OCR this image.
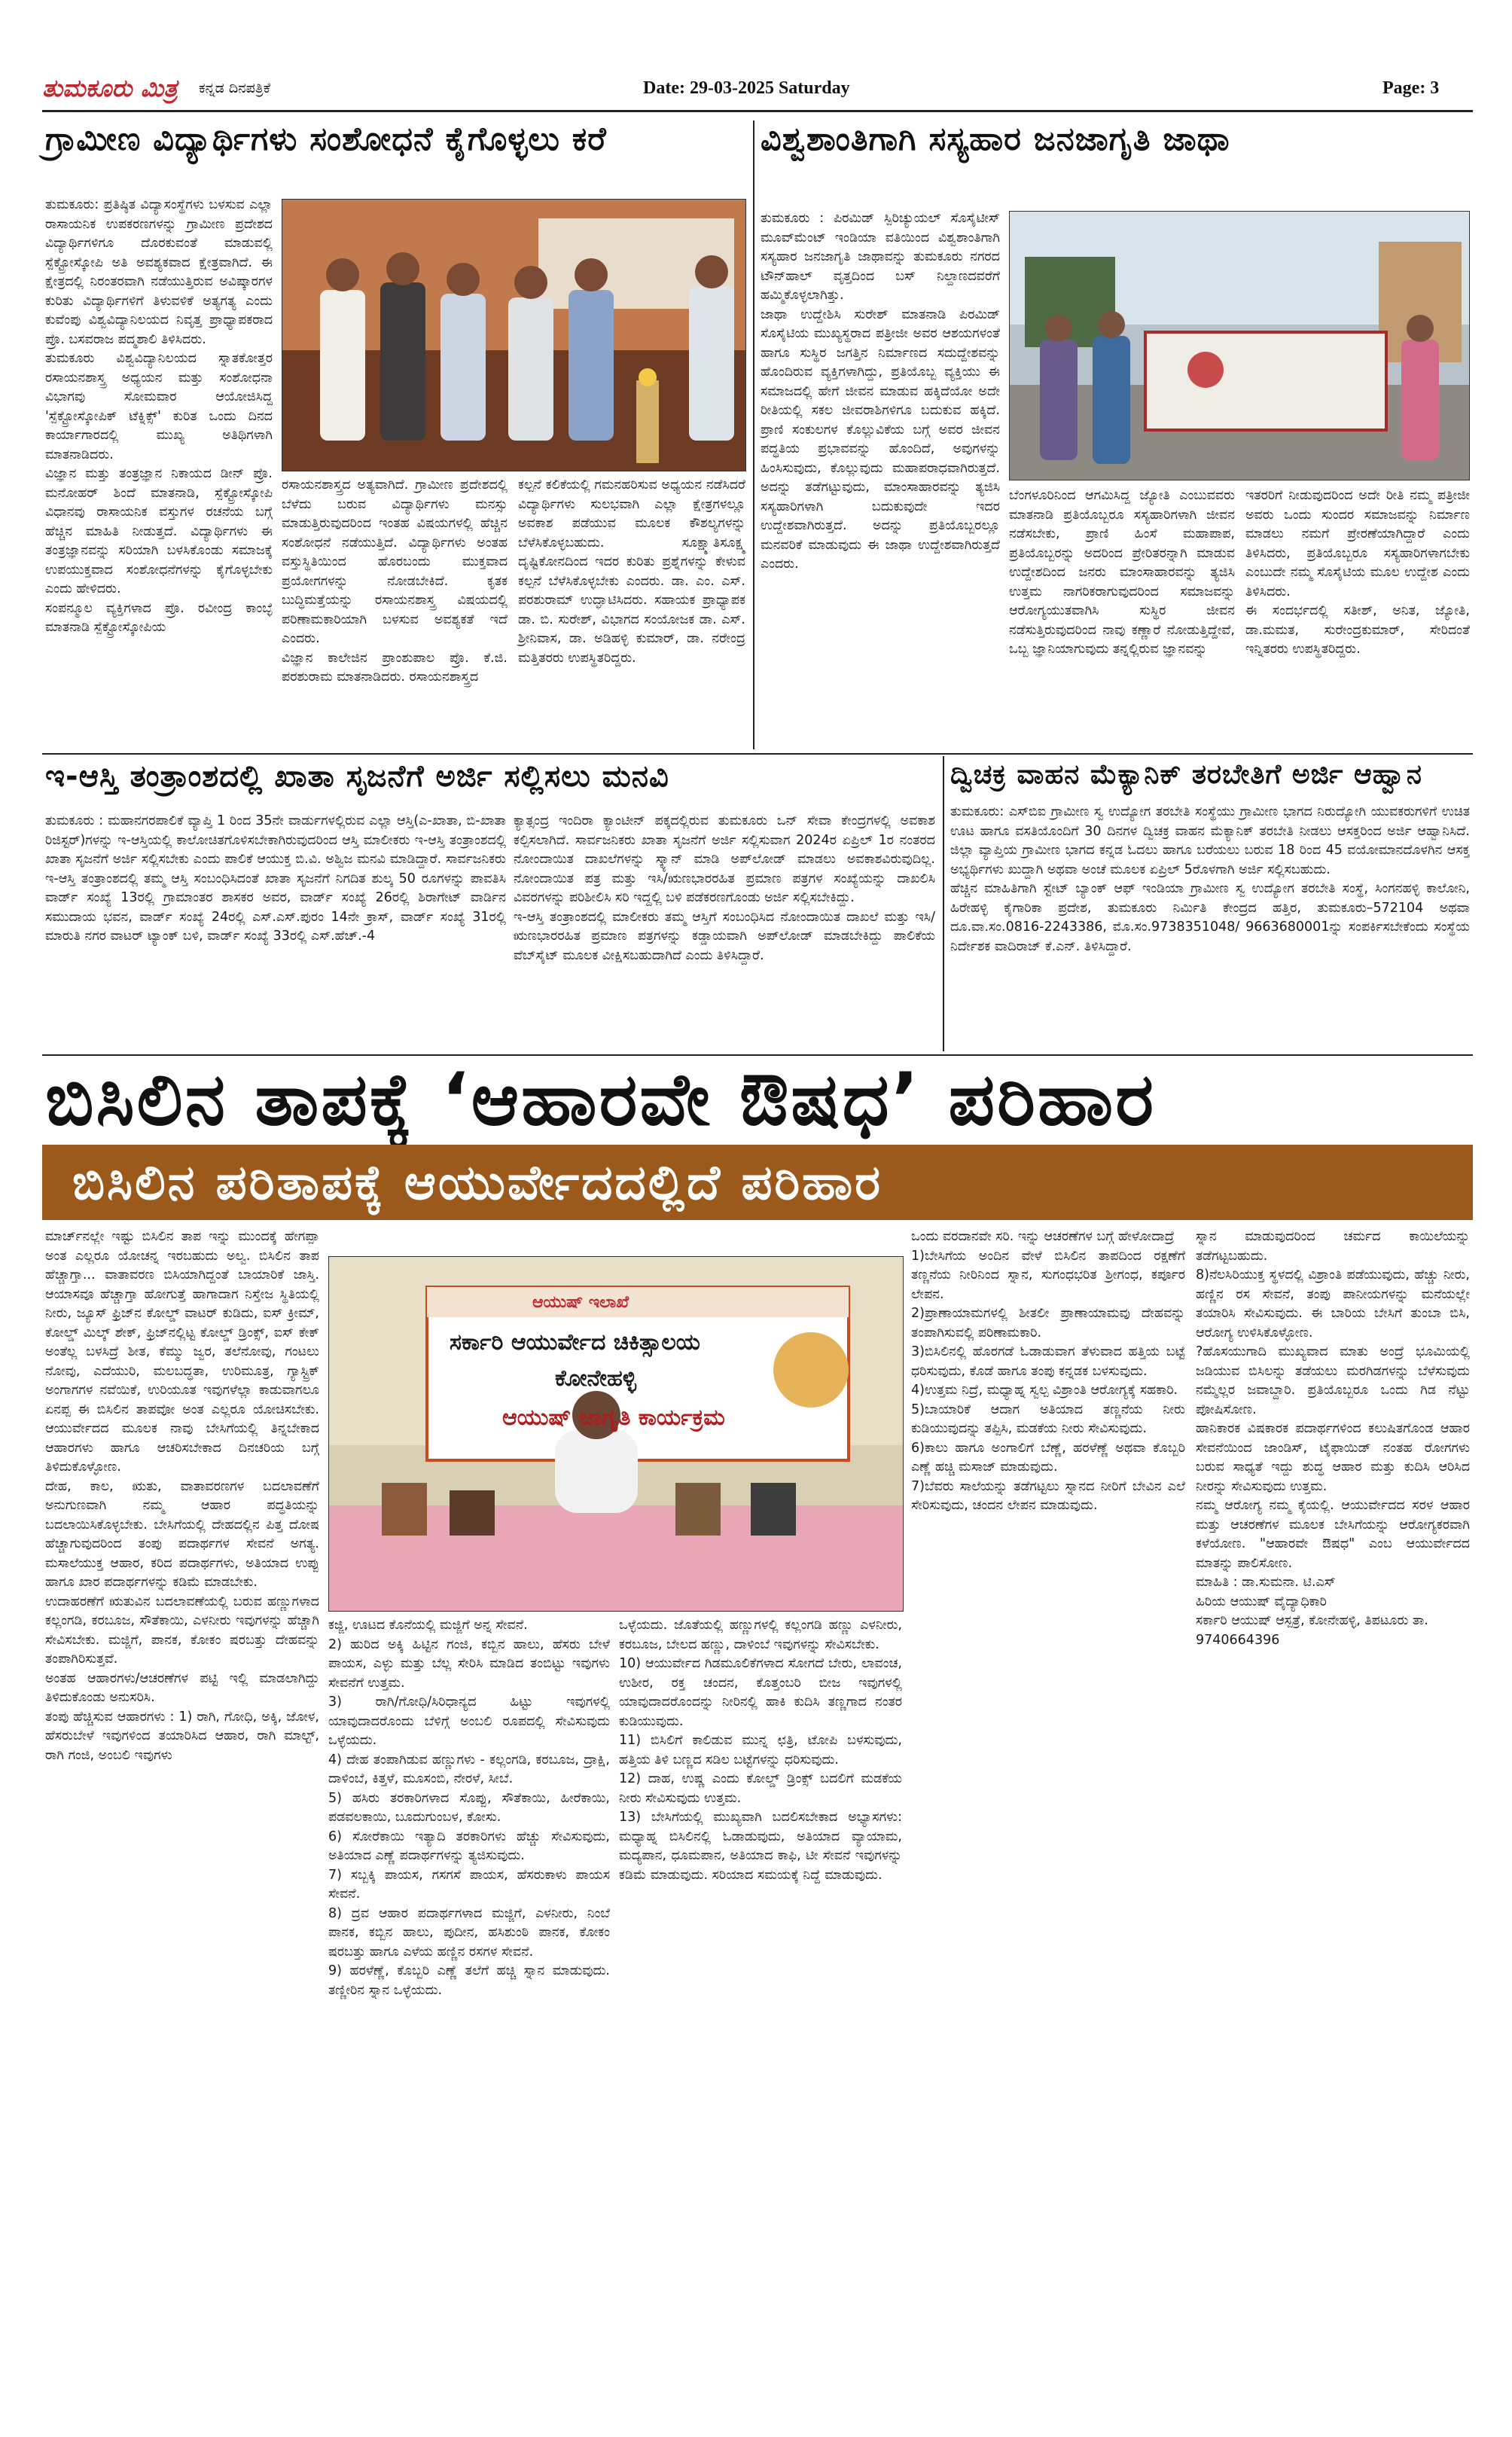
ತುಮಕೂರು ಮಿತ್ರ ಕನ್ನಡ ದಿನಪತ್ರಿಕೆ	Date: 29-03-2025 Saturday	Page: 3
ಗ್ರಾಮೀಣ ವಿದ್ಯಾರ್ಥಿಗಳು ಸಂಶೋಧನೆ ಕೈಗೊಳ್ಳಲು ಕರೆ
ತುಮಕೂರು: ಪ್ರತಿಷ್ಠಿತ ವಿದ್ಯಾಸಂಸ್ಥೆಗಳು ಬಳಸುವ ಎಲ್ಲಾ ರಾಸಾಯನಿಕ ಉಪಕರಣಗಳನ್ನು ಗ್ರಾಮೀಣ ಪ್ರದೇಶದ ವಿದ್ಯಾರ್ಥಿಗಳಿಗೂ ದೊರಕುವಂತೆ ಮಾಡುವಲ್ಲಿ ಸ್ಪೆಕ್ಟ್ರೋಸ್ಕೋಪಿ ಅತಿ ಅವಶ್ಯಕವಾದ ಕ್ಷೇತ್ರವಾಗಿದೆ. ಈ ಕ್ಷೇತ್ರದಲ್ಲಿ ನಿರಂತರವಾಗಿ ನಡೆಯುತ್ತಿರುವ ಅವಿಷ್ಕಾರಗಳ ಕುರಿತು ವಿದ್ಯಾರ್ಥಿಗಳಿಗೆ ತಿಳುವಳಿಕೆ ಅತ್ಯಗತ್ಯ ಎಂದು ಕುವೆಂಪು ವಿಶ್ವವಿದ್ಯಾನಿಲಯದ ನಿವೃತ್ತ ಪ್ರಾಧ್ಯಾಪಕರಾದ ಪ್ರೊ. ಬಸವರಾಜ ಪದ್ಮಶಾಲಿ ತಿಳಿಸಿದರು.
ತುಮಕೂರು ವಿಶ್ವವಿದ್ಯಾನಿಲಯದ ಸ್ನಾತಕೋತ್ತರ ರಸಾಯನಶಾಸ್ತ್ರ ಅಧ್ಯಯನ ಮತ್ತು ಸಂಶೋಧನಾ ವಿಭಾಗವು ಸೋಮವಾರ ಆಯೋಜಿಸಿದ್ದ 'ಸ್ಪೆಕ್ಟ್ರೋಸ್ಕೋಪಿಕ್ ಟೆಕ್ನಿಕ್ಸ್' ಕುರಿತ ಒಂದು ದಿನದ ಕಾರ್ಯಾಗಾರದಲ್ಲಿ ಮುಖ್ಯ ಅತಿಥಿಗಳಾಗಿ ಮಾತನಾಡಿದರು.
ವಿಜ್ಞಾನ ಮತ್ತು ತಂತ್ರಜ್ಞಾನ ನಿಕಾಯದ ಡೀನ್ ಪ್ರೊ. ಮನೋಹರ್ ಶಿಂದೆ ಮಾತನಾಡಿ, ಸ್ಪೆಕ್ಟ್ರೋಸ್ಕೋಪಿ ವಿಧಾನವು ರಾಸಾಯನಿಕ ವಸ್ತುಗಳ ರಚನೆಯ ಬಗ್ಗೆ ಹೆಚ್ಚಿನ ಮಾಹಿತಿ ನೀಡುತ್ತದೆ. ವಿದ್ಯಾರ್ಥಿಗಳು ಈ ತಂತ್ರಜ್ಞಾನವನ್ನು ಸರಿಯಾಗಿ ಬಳಸಿಕೊಂಡು ಸಮಾಜಕ್ಕೆ ಉಪಯುಕ್ತವಾದ ಸಂಶೋಧನೆಗಳನ್ನು ಕೈಗೊಳ್ಳಬೇಕು ಎಂದು ಹೇಳಿದರು.
ಸಂಪನ್ಮೂಲ ವ್ಯಕ್ತಿಗಳಾದ ಪ್ರೊ. ರವೀಂದ್ರ ಕಾಂಬ್ಳೆ ಮಾತನಾಡಿ ಸ್ಪೆಕ್ಟ್ರೋಸ್ಕೋಪಿಯ
ರಸಾಯನಶಾಸ್ತ್ರದ ಅತ್ಯವಾಗಿದೆ. ಗ್ರಾಮೀಣ ಪ್ರದೇಶದಲ್ಲಿ ಬೆಳೆದು ಬರುವ ವಿದ್ಯಾರ್ಥಿಗಳು ಮನಸ್ಸು ಮಾಡುತ್ತಿರುವುದರಿಂದ ಇಂತಹ ವಿಷಯಗಳಲ್ಲಿ ಹೆಚ್ಚಿನ ಸಂಶೋಧನೆ ನಡೆಯುತ್ತಿದೆ. ವಿದ್ಯಾರ್ಥಿಗಳು ಅಂತಹ ವಸ್ತುಸ್ಥಿತಿಯಿಂದ ಹೊರಬಂದು ಮುಕ್ತವಾದ ಪ್ರಯೋಗಗಳನ್ನು ನೋಡಬೇಕಿದೆ. ಕೃತಕ ಬುದ್ಧಿಮತ್ತೆಯನ್ನು ರಸಾಯನಶಾಸ್ತ್ರ ವಿಷಯದಲ್ಲಿ ಪರಿಣಾಮಕಾರಿಯಾಗಿ ಬಳಸುವ ಅವಶ್ಯಕತೆ ಇದೆ ಎಂದರು.
ವಿಜ್ಞಾನ ಕಾಲೇಜಿನ ಪ್ರಾಂಶುಪಾಲ ಪ್ರೊ. ಕೆ.ಜಿ. ಪರಶುರಾಮ ಮಾತನಾಡಿದರು. ರಸಾಯನಶಾಸ್ತ್ರದ
ಕಲ್ಪನೆ ಕಲಿಕೆಯಲ್ಲಿ ಗಮನಹರಿಸುವ ಅಧ್ಯಯನ ನಡೆಸಿದರೆ ವಿದ್ಯಾರ್ಥಿಗಳು ಸುಲಭವಾಗಿ ಎಲ್ಲಾ ಕ್ಷೇತ್ರಗಳಲ್ಲೂ ಅವಕಾಶ ಪಡೆಯುವ ಮೂಲಕ ಕೌಶಲ್ಯಗಳನ್ನು ಬೆಳೆಸಿಕೊಳ್ಳಬಹುದು. ಸೂಕ್ಷ್ಮಾತಿಸೂಕ್ಷ್ಮ ದೃಷ್ಟಿಕೋನದಿಂದ ಇದರ ಕುರಿತು ಪ್ರಶ್ನೆಗಳನ್ನು ಕೇಳುವ ಕಲ್ಪನೆ ಬೆಳೆಸಿಕೊಳ್ಳಬೇಕು ಎಂದರು. ಡಾ. ಎಂ. ಎಸ್. ಪರಶುರಾಮ್ ಉದ್ಘಾಟಿಸಿದರು. ಸಹಾಯಕ ಪ್ರಾಧ್ಯಾಪಕ ಡಾ. ಬಿ. ಸುರೇಶ್, ವಿಭಾಗದ ಸಂಯೋಜಕ ಡಾ. ಎಸ್. ಶ್ರೀನಿವಾಸ, ಡಾ. ಅಡಿಹಳ್ಳಿ ಕುಮಾರ್, ಡಾ. ನರೇಂದ್ರ ಮತ್ತಿತರರು ಉಪಸ್ಥಿತರಿದ್ದರು.
ವಿಶ್ವಶಾಂತಿಗಾಗಿ ಸಸ್ಯಹಾರ ಜನಜಾಗೃತಿ ಜಾಥಾ
ತುಮಕೂರು : ಪಿರಮಿಡ್ ಸ್ಪಿರಿಚ್ಯುಯಲ್ ಸೊಸೈಟೀಸ್ ಮೂವ್‌ಮೆಂಟ್ ಇಂಡಿಯಾ ವತಿಯಿಂದ ವಿಶ್ವಶಾಂತಿಗಾಗಿ ಸಸ್ಯಹಾರ ಜನಜಾಗೃತಿ ಜಾಥಾವನ್ನು ತುಮಕೂರು ನಗರದ ಟೌನ್‌ಹಾಲ್ ವೃತ್ತದಿಂದ ಬಸ್ ನಿಲ್ದಾಣದವರೆಗೆ ಹಮ್ಮಿಕೊಳ್ಳಲಾಗಿತ್ತು.
ಜಾಥಾ ಉದ್ದೇಶಿಸಿ ಸುರೇಶ್ ಮಾತನಾಡಿ ಪಿರಮಿಡ್ ಸೊಸೈಟಿಯ ಮುಖ್ಯಸ್ಥರಾದ ಪತ್ರೀಜೀ ಅವರ ಆಶಯಗಳಂತೆ ಹಾಗೂ ಸುಸ್ಥಿರ ಜಗತ್ತಿನ ನಿರ್ಮಾಣದ ಸದುದ್ದೇಶವನ್ನು ಹೊಂದಿರುವ ವ್ಯಕ್ತಿಗಳಾಗಿದ್ದು, ಪ್ರತಿಯೊಬ್ಬ ವ್ಯಕ್ತಿಯು ಈ ಸಮಾಜದಲ್ಲಿ ಹೇಗೆ ಜೀವನ ಮಾಡುವ ಹಕ್ಕಿದೆಯೋ ಅದೇ ರೀತಿಯಲ್ಲಿ ಸಕಲ ಜೀವರಾಶಿಗಳಿಗೂ ಬದುಕುವ ಹಕ್ಕಿದೆ. ಪ್ರಾಣಿ ಸಂಕುಲಗಳ ಕೊಲ್ಲುವಿಕೆಯ ಬಗ್ಗೆ ಅವರ ಜೀವನ ಪದ್ಧತಿಯ ಪ್ರಭಾವವನ್ನು ಹೊಂದಿದೆ, ಅವುಗಳನ್ನು ಹಿಂಸಿಸುವುದು, ಕೊಲ್ಲುವುದು ಮಹಾಪರಾಧವಾಗಿರುತ್ತದೆ. ಅದನ್ನು ತಡೆಗಟ್ಟುವುದು, ಮಾಂಸಾಹಾರವನ್ನು ತ್ಯಜಿಸಿ ಸಸ್ಯಹಾರಿಗಳಾಗಿ ಬದುಕುವುದೇ ಇದರ ಉದ್ದೇಶವಾಗಿರುತ್ತದೆ. ಅದನ್ನು ಪ್ರತಿಯೊಬ್ಬರಲ್ಲೂ ಮನವರಿಕೆ ಮಾಡುವುದು ಈ ಜಾಥಾ ಉದ್ದೇಶವಾಗಿರುತ್ತದೆ ಎಂದರು.
ಬೆಂಗಳೂರಿನಿಂದ ಆಗಮಿಸಿದ್ದ ಜ್ಯೋತಿ ಎಂಬುವವರು ಮಾತನಾಡಿ ಪ್ರತಿಯೊಬ್ಬರೂ ಸಸ್ಯಹಾರಿಗಳಾಗಿ ಜೀವನ ನಡೆಸಬೇಕು, ಪ್ರಾಣಿ ಹಿಂಸೆ ಮಹಾಪಾಪ, ಪ್ರತಿಯೊಬ್ಬರನ್ನು ಅದರಿಂದ ಪ್ರೇರಿತರನ್ನಾಗಿ ಮಾಡುವ ಉದ್ದೇಶದಿಂದ ಜನರು ಮಾಂಸಾಹಾರವನ್ನು ತ್ಯಜಿಸಿ ಉತ್ತಮ ನಾಗರಿಕರಾಗುವುದರಿಂದ ಸಮಾಜವನ್ನು ಆರೋಗ್ಯಯುತವಾಗಿಸಿ ಸುಸ್ಥಿರ ಜೀವನ ನಡೆಸುತ್ತಿರುವುದರಿಂದ ನಾವು ಕಣ್ಣಾರೆ ನೋಡುತ್ತಿದ್ದೇವೆ, ಒಬ್ಬ ಜ್ಞಾನಿಯಾಗುವುದು ತನ್ನಲ್ಲಿರುವ ಜ್ಞಾನವನ್ನು
ಇತರರಿಗೆ ನೀಡುವುದರಿಂದ ಅದೇ ರೀತಿ ನಮ್ಮ ಪತ್ರೀಜೀ ಅವರು ಒಂದು ಸುಂದರ ಸಮಾಜವನ್ನು ನಿರ್ಮಾಣ ಮಾಡಲು ನಮಗೆ ಪ್ರೇರಣೆಯಾಗಿದ್ದಾರೆ ಎಂದು ತಿಳಿಸಿದರು, ಪ್ರತಿಯೊಬ್ಬರೂ ಸಸ್ಯಹಾರಿಗಳಾಗಬೇಕು ಎಂಬುದೇ ನಮ್ಮ ಸೊಸೈಟಿಯ ಮೂಲ ಉದ್ದೇಶ ಎಂದು ತಿಳಿಸಿದರು.
ಈ ಸಂದರ್ಭದಲ್ಲಿ ಸತೀಶ್, ಅನಿತ, ಜ್ಯೋತಿ, ಡಾ.ಮಮತ, ಸುರೇಂದ್ರಕುಮಾರ್, ಸೇರಿದಂತೆ ಇನ್ನಿತರರು ಉಪಸ್ಥಿತರಿದ್ದರು.
ಇ-ಆಸ್ತಿ ತಂತ್ರಾಂಶದಲ್ಲಿ ಖಾತಾ ಸೃಜನೆಗೆ ಅರ್ಜಿ ಸಲ್ಲಿಸಲು ಮನವಿ
ತುಮಕೂರು : ಮಹಾನಗರಪಾಲಿಕೆ ವ್ಯಾಪ್ತಿ 1 ರಿಂದ 35ನೇ ವಾರ್ಡುಗಳಲ್ಲಿರುವ ಎಲ್ಲಾ ಆಸ್ತಿ(ಎ-ಖಾತಾ, ಬಿ-ಖಾತಾ ರಿಜಿಸ್ಟರ್)ಗಳನ್ನು ಇ-ಆಸ್ತಿಯಲ್ಲಿ ಕಾಲೋಚಿತಗೊಳಿಸಬೇಕಾಗಿರುವುದರಿಂದ ಆಸ್ತಿ ಮಾಲೀಕರು ಇ-ಆಸ್ತಿ ತಂತ್ರಾಂಶದಲ್ಲಿ ಖಾತಾ ಸೃಜನೆಗೆ ಅರ್ಜಿ ಸಲ್ಲಿಸಬೇಕು ಎಂದು ಪಾಲಿಕೆ ಆಯುಕ್ತ ಬಿ.ವಿ. ಅಶ್ವಿಜ ಮನವಿ ಮಾಡಿದ್ದಾರೆ. ಸಾರ್ವಜನಿಕರು ಇ-ಆಸ್ತಿ ತಂತ್ರಾಂಶದಲ್ಲಿ ತಮ್ಮ ಆಸ್ತಿ ಸಂಬಂಧಿಸಿದಂತೆ ಖಾತಾ ಸೃಜನೆಗೆ ನಿಗದಿತ ಶುಲ್ಕ 50 ರೂಗಳನ್ನು ಪಾವತಿಸಿ ವಾರ್ಡ್ ಸಂಖ್ಯೆ 13ರಲ್ಲಿ ಗ್ರಾಮಾಂತರ ಶಾಸಕರ ಅವರ, ವಾರ್ಡ್ ಸಂಖ್ಯೆ 26ರಲ್ಲಿ ಶಿರಾಗೇಟ್ ವಾರ್ಡಿನ ಸಮುದಾಯ ಭವನ, ವಾರ್ಡ್ ಸಂಖ್ಯೆ 24ರಲ್ಲಿ ಎಸ್.ಎಸ್.ಪುರಂ 14ನೇ ಕ್ರಾಸ್, ವಾರ್ಡ್ ಸಂಖ್ಯೆ 31ರಲ್ಲಿ ಮಾರುತಿ ನಗರ ವಾಟರ್ ಟ್ಯಾಂಕ್ ಬಳಿ, ವಾರ್ಡ್ ಸಂಖ್ಯೆ 33ರಲ್ಲಿ ಎಸ್.ಹೆಚ್.-4
ಕ್ಯಾತ್ಸಂದ್ರ ಇಂದಿರಾ ಕ್ಯಾಂಟೀನ್ ಪಕ್ಕದಲ್ಲಿರುವ ತುಮಕೂರು ಒನ್ ಸೇವಾ ಕೇಂದ್ರಗಳಲ್ಲಿ ಅವಕಾಶ ಕಲ್ಪಿಸಲಾಗಿದೆ. ಸಾರ್ವಜನಿಕರು ಖಾತಾ ಸೃಜನೆಗೆ ಅರ್ಜಿ ಸಲ್ಲಿಸುವಾಗ 2024ರ ಏಪ್ರಿಲ್ 1ರ ನಂತರದ ನೋಂದಾಯಿತ ದಾಖಲೆಗಳನ್ನು ಸ್ಕ್ಯಾನ್ ಮಾಡಿ ಅಪ್‌ಲೋಡ್ ಮಾಡಲು ಅವಕಾಶವಿರುವುದಿಲ್ಲ. ನೋಂದಾಯಿತ ಪತ್ರ ಮತ್ತು ಇಸಿ/ಋಣಭಾರರಹಿತ ಪ್ರಮಾಣ ಪತ್ರಗಳ ಸಂಖ್ಯೆಯನ್ನು ದಾಖಲಿಸಿ ವಿವರಗಳನ್ನು ಪರಿಶೀಲಿಸಿ ಸರಿ ಇದ್ದಲ್ಲಿ ಬಳಿ ಪಡೆಕರಣಗೊಂಡು ಅರ್ಜಿ ಸಲ್ಲಿಸಬೇಕಿದ್ದು.
ಇ-ಆಸ್ತಿ ತಂತ್ರಾಂಶದಲ್ಲಿ ಮಾಲೀಕರು ತಮ್ಮ ಆಸ್ತಿಗೆ ಸಂಬಂಧಿಸಿದ ನೋಂದಾಯಿತ ದಾಖಲೆ ಮತ್ತು ಇಸಿ/ಋಣಭಾರರಹಿತ ಪ್ರಮಾಣ ಪತ್ರಗಳನ್ನು ಕಡ್ಡಾಯವಾಗಿ ಅಪ್‌ಲೋಡ್ ಮಾಡಬೇಕಿದ್ದು ಪಾಲಿಕೆಯ ವೆಬ್‌ಸೈಟ್ ಮೂಲಕ ವೀಕ್ಷಿಸಬಹುದಾಗಿದೆ ಎಂದು ತಿಳಿಸಿದ್ದಾರೆ.
ದ್ವಿಚಕ್ರ ವಾಹನ ಮೆಕ್ಯಾನಿಕ್ ತರಬೇತಿಗೆ ಅರ್ಜಿ ಆಹ್ವಾನ
ತುಮಕೂರು: ಎಸ್‌ಬಿಐ ಗ್ರಾಮೀಣ ಸ್ವ ಉದ್ಯೋಗ ತರಬೇತಿ ಸಂಸ್ಥೆಯು ಗ್ರಾಮೀಣ ಭಾಗದ ನಿರುದ್ಯೋಗಿ ಯುವಕರುಗಳಿಗೆ ಉಚಿತ ಊಟ ಹಾಗೂ ವಸತಿಯೊಂದಿಗೆ 30 ದಿನಗಳ ದ್ವಿಚಕ್ರ ವಾಹನ ಮೆಕ್ಯಾನಿಕ್ ತರಬೇತಿ ನೀಡಲು ಆಸಕ್ತರಿಂದ ಅರ್ಜಿ ಆಹ್ವಾನಿಸಿದೆ. ಜಿಲ್ಲಾ ವ್ಯಾಪ್ತಿಯ ಗ್ರಾಮೀಣ ಭಾಗದ ಕನ್ನಡ ಓದಲು ಹಾಗೂ ಬರೆಯಲು ಬರುವ 18 ರಿಂದ 45 ವಯೋಮಾನದೊಳಗಿನ ಆಸಕ್ತ ಅಭ್ಯರ್ಥಿಗಳು ಖುದ್ದಾಗಿ ಅಥವಾ ಅಂಚೆ ಮೂಲಕ ಏಪ್ರಿಲ್ 5ರೊಳಗಾಗಿ ಅರ್ಜಿ ಸಲ್ಲಿಸಬಹುದು.
ಹೆಚ್ಚಿನ ಮಾಹಿತಿಗಾಗಿ ಸ್ಟೇಟ್ ಬ್ಯಾಂಕ್ ಆಫ್ ಇಂಡಿಯಾ ಗ್ರಾಮೀಣ ಸ್ವ ಉದ್ಯೋಗ ತರಬೇತಿ ಸಂಸ್ಥೆ, ಸಿಂಗನಹಳ್ಳಿ ಕಾಲೋನಿ, ಹಿರೇಹಳ್ಳಿ ಕೈಗಾರಿಕಾ ಪ್ರದೇಶ, ತುಮಕೂರು ನಿರ್ಮಿತಿ ಕೇಂದ್ರದ ಹತ್ತಿರ, ತುಮಕೂರು–572104 ಅಥವಾ ದೂ.ವಾ.ಸಂ.0816-2243386, ಮೊ.ಸಂ.9738351048/ 9663680001ನ್ನು ಸಂಪರ್ಕಿಸಬೇಕೆಂದು ಸಂಸ್ಥೆಯ ನಿರ್ದೇಶಕ ವಾದಿರಾಜ್ ಕೆ.ಎನ್. ತಿಳಿಸಿದ್ದಾರೆ.
ಬಿಸಿಲಿನ ತಾಪಕ್ಕೆ ‘ಆಹಾರವೇ ಔಷಧ’ ಪರಿಹಾರ
ಬಿಸಿಲಿನ ಪರಿತಾಪಕ್ಕೆ ಆಯುರ್ವೇದದಲ್ಲಿದೆ ಪರಿಹಾರ
ಮಾರ್ಚ್‌ನಲ್ಲೇ ಇಷ್ಟು ಬಿಸಿಲಿನ ತಾಪ ಇನ್ನು ಮುಂದಕ್ಕೆ ಹೇಗಪ್ಪಾ ಅಂತ ಎಲ್ಲರೂ ಯೋಚನ್ನ ಇರಬಹುದು ಅಲ್ವ. ಬಿಸಿಲಿನ ತಾಪ ಹೆಚ್ಚಾಗ್ತಾ... ವಾತಾವರಣ ಬಿಸಿಯಾಗಿದ್ದಂತೆ ಬಾಯಾರಿಕೆ ಜಾಸ್ತಿ. ಆಯಾಸವೂ ಹೆಚ್ಚಾಗ್ತಾ ಹೋಗುತ್ತೆ ಹಾಗಾದಾಗ ನಿಸ್ತೇಜ ಸ್ಥಿತಿಯಲ್ಲಿ ನೀರು, ಜ್ಯೂಸ್ ಫ್ರಿಜ್‌ನ ಕೋಲ್ಡ್ ವಾಟರ್ ಕುಡಿದು, ಐಸ್ ಕ್ರೀಮ್, ಕೋಲ್ಡ್ ಮಿಲ್ಕ್ ಶೇಕ್, ಫ್ರಿಜ್‌ನಲ್ಲಿಟ್ಟ ಕೋಲ್ಡ್ ಡ್ರಿಂಕ್ಸ್, ಐಸ್ ಕೇಕ್ ಅಂತೆಲ್ಲ ಬಳಸಿದ್ರೆ ಶೀತ, ಕೆಮ್ಮು ಜ್ವರ, ತಲೆನೋವು, ಗಂಟಲು ನೋವು, ಎದೆಯುರಿ, ಮಲಬದ್ಧತಾ, ಉರಿಮೂತ್ರ, ಗ್ಯಾಸ್ಟ್ರಿಕ್ ಅಂಗಾಗಗಳ ನವೆಯಿಕೆ, ಉರಿಯೂತ ಇವುಗಳೆಲ್ಲಾ ಕಾಡುವಾಗಲೂ ಏನಪ್ಪ ಈ ಬಿಸಿಲಿನ ತಾಪವೋ ಅಂತ ಎಲ್ಲರೂ ಯೋಚಿಸಬೇಕು. ಆಯುರ್ವೇದದ ಮೂಲಕ ನಾವು ಬೇಸಿಗೆಯಲ್ಲಿ ತಿನ್ನಬೇಕಾದ ಆಹಾರಗಳು ಹಾಗೂ ಆಚರಿಸಬೇಕಾದ ದಿನಚರಿಯ ಬಗ್ಗೆ ತಿಳಿದುಕೊಳ್ಳೋಣ.
ದೇಹ, ಕಾಲ, ಋತು, ವಾತಾವರಣಗಳ ಬದಲಾವಣೆಗೆ ಅನುಗುಣವಾಗಿ ನಮ್ಮ ಆಹಾರ ಪದ್ಧತಿಯನ್ನು ಬದಲಾಯಿಸಿಕೊಳ್ಳಬೇಕು. ಬೇಸಿಗೆಯಲ್ಲಿ ದೇಹದಲ್ಲಿನ ಪಿತ್ತ ದೋಷ ಹೆಚ್ಚಾಗುವುದರಿಂದ ತಂಪು ಪದಾರ್ಥಗಳ ಸೇವನೆ ಅಗತ್ಯ. ಮಸಾಲೆಯುಕ್ತ ಆಹಾರ, ಕರಿದ ಪದಾರ್ಥಗಳು, ಅತಿಯಾದ ಉಪ್ಪು ಹಾಗೂ ಖಾರ ಪದಾರ್ಥಗಳನ್ನು ಕಡಿಮೆ ಮಾಡಬೇಕು.
ಉದಾಹರಣೆಗೆ ಋತುವಿನ ಬದಲಾವಣೆಯಲ್ಲಿ ಬರುವ ಹಣ್ಣುಗಳಾದ ಕಲ್ಲಂಗಡಿ, ಕರಬೂಜ, ಸೌತೆಕಾಯಿ, ಎಳನೀರು ಇವುಗಳನ್ನು ಹೆಚ್ಚಾಗಿ ಸೇವಿಸಬೇಕು. ಮಜ್ಜಿಗೆ, ಪಾನಕ, ಕೋಕಂ ಷರಬತ್ತು ದೇಹವನ್ನು ತಂಪಾಗಿರಿಸುತ್ತವೆ.
ಅಂತಹ ಆಹಾರಗಳು/ಆಚರಣೆಗಳ ಪಟ್ಟಿ ಇಲ್ಲಿ ಮಾಡಲಾಗಿದ್ದು ತಿಳಿದುಕೊಂಡು ಅನುಸರಿಸಿ.
ತಂಪು ಹೆಚ್ಚಿಸುವ ಆಹಾರಗಳು : 1) ರಾಗಿ, ಗೋಧಿ, ಅಕ್ಕಿ, ಜೋಳ, ಹೆಸರುಬೇಳೆ ಇವುಗಳಿಂದ ತಯಾರಿಸಿದ ಆಹಾರ, ರಾಗಿ ಮಾಲ್ಟ್, ರಾಗಿ ಗಂಜಿ, ಅಂಬಲಿ ಇವುಗಳು
ಆಯುಷ್ ಇಲಾಖೆ
ಸರ್ಕಾರಿ ಆಯುರ್ವೇದ ಚಿಕಿತ್ಸಾಲಯ
ಕೋನೇಹಳ್ಳಿ
ಆಯುಷ್ ಜಾಗೃತಿ ಕಾರ್ಯಕ್ರಮ
ಕಜ್ಜಿ, ಊಟದ ಕೊನೆಯಲ್ಲಿ ಮಜ್ಜಿಗೆ ಅನ್ನ ಸೇವನೆ.
2) ಹುರಿದ ಅಕ್ಕಿ ಹಿಟ್ಟಿನ ಗಂಜಿ, ಕಬ್ಬಿನ ಹಾಲು, ಹೆಸರು ಬೇಳೆ ಪಾಯಸ, ಎಳ್ಳು ಮತ್ತು ಬೆಲ್ಲ ಸೇರಿಸಿ ಮಾಡಿದ ತಂಬಿಟ್ಟು ಇವುಗಳು ಸೇವನೆಗೆ ಉತ್ತಮ.
3) ರಾಗಿ/ಗೋಧಿ/ಸಿರಿಧಾನ್ಯದ ಹಿಟ್ಟು ಇವುಗಳಲ್ಲಿ ಯಾವುದಾದರೊಂದು ಬೆಳಿಗ್ಗೆ ಅಂಬಲಿ ರೂಪದಲ್ಲಿ ಸೇವಿಸುವುದು ಒಳ್ಳೆಯದು.
4) ದೇಹ ತಂಪಾಗಿಡುವ ಹಣ್ಣುಗಳು - ಕಲ್ಲಂಗಡಿ, ಕರಬೂಜ, ದ್ರಾಕ್ಷಿ, ದಾಳಿಂಬೆ, ಕಿತ್ತಳೆ, ಮೂಸಂಬಿ, ನೇರಳೆ, ಸೀಬೆ.
5) ಹಸಿರು ತರಕಾರಿಗಳಾದ ಸೊಪ್ಪು, ಸೌತೆಕಾಯಿ, ಹೀರೆಕಾಯಿ, ಪಡವಲಕಾಯಿ, ಬೂದುಗುಂಬಳ, ಕೋಸು.
6) ಸೋರೆಕಾಯಿ ಇತ್ಯಾದಿ ತರಕಾರಿಗಳು ಹೆಚ್ಚು ಸೇವಿಸುವುದು, ಅತಿಯಾದ ಎಣ್ಣೆ ಪದಾರ್ಥಗಳನ್ನು ತ್ಯಜಿಸುವುದು.
7) ಸಬ್ಬಕ್ಕಿ ಪಾಯಸ, ಗಸಗಸೆ ಪಾಯಸ, ಹೆಸರುಕಾಳು ಪಾಯಸ ಸೇವನೆ.
8) ದ್ರವ ಆಹಾರ ಪದಾರ್ಥಗಳಾದ ಮಜ್ಜಿಗೆ, ಎಳನೀರು, ನಿಂಬೆ ಪಾನಕ, ಕಬ್ಬಿನ ಹಾಲು, ಪುದೀನ, ಹಸಿಶುಂಠಿ ಪಾನಕ, ಕೋಕಂ ಷರಬತ್ತು ಹಾಗೂ ಎಳೆಯ ಹಣ್ಣಿನ ರಸಗಳ ಸೇವನೆ.
9) ಹರಳೆಣ್ಣೆ, ಕೊಬ್ಬರಿ ಎಣ್ಣೆ ತಲೆಗೆ ಹಚ್ಚಿ ಸ್ನಾನ ಮಾಡುವುದು. ತಣ್ಣೀರಿನ ಸ್ನಾನ ಒಳ್ಳೆಯದು.
ಒಳ್ಳೆಯದು. ಜೊತೆಯಲ್ಲಿ ಹಣ್ಣುಗಳಲ್ಲಿ ಕಲ್ಲಂಗಡಿ ಹಣ್ಣು ಎಳನೀರು, ಕರಬೂಜ, ಬೇಲದ ಹಣ್ಣು, ದಾಳಿಂಬೆ ಇವುಗಳನ್ನು ಸೇವಿಸಬೇಕು.
10) ಆಯುರ್ವೇದ ಗಿಡಮೂಲಿಕೆಗಳಾದ ಸೋಗದೆ ಬೇರು, ಲಾವಂಚ, ಉಶೀರ, ರಕ್ತ ಚಂದನ, ಕೊತ್ತಂಬರಿ ಬೀಜ ಇವುಗಳಲ್ಲಿ ಯಾವುದಾದರೊಂದನ್ನು ನೀರಿನಲ್ಲಿ ಹಾಕಿ ಕುದಿಸಿ ತಣ್ಣಗಾದ ನಂತರ ಕುಡಿಯುವುದು.
11) ಬಿಸಿಲಿಗೆ ಕಾಲಿಡುವ ಮುನ್ನ ಛತ್ರಿ, ಟೋಪಿ ಬಳಸುವುದು, ಹತ್ತಿಯ ತಿಳಿ ಬಣ್ಣದ ಸಡಿಲ ಬಟ್ಟೆಗಳನ್ನು ಧರಿಸುವುದು.
12) ದಾಹ, ಉಷ್ಣ ಎಂದು ಕೋಲ್ಡ್ ಡ್ರಿಂಕ್ಸ್ ಬದಲಿಗೆ ಮಡಕೆಯ ನೀರು ಸೇವಿಸುವುದು ಉತ್ತಮ.
13) ಬೇಸಿಗೆಯಲ್ಲಿ ಮುಖ್ಯವಾಗಿ ಬದಲಿಸಬೇಕಾದ ಅಭ್ಯಾಸಗಳು: ಮಧ್ಯಾಹ್ನ ಬಿಸಿಲಿನಲ್ಲಿ ಓಡಾಡುವುದು, ಅತಿಯಾದ ವ್ಯಾಯಾಮ, ಮದ್ಯಪಾನ, ಧೂಮಪಾನ, ಅತಿಯಾದ ಕಾಫಿ, ಟೀ ಸೇವನೆ ಇವುಗಳನ್ನು ಕಡಿಮೆ ಮಾಡುವುದು. ಸರಿಯಾದ ಸಮಯಕ್ಕೆ ನಿದ್ದೆ ಮಾಡುವುದು.
ಒಂದು ವರದಾನವೇ ಸರಿ. ಇನ್ನು ಆಚರಣೆಗಳ ಬಗ್ಗೆ ಹೇಳೋದಾದ್ರೆ
1)ಬೇಸಿಗೆಯ ಅಂದಿನ ವೇಳೆ ಬಿಸಿಲಿನ ತಾಪದಿಂದ ರಕ್ಷಣೆಗೆ ತಣ್ಣನೆಯ ನೀರಿನಿಂದ ಸ್ನಾನ, ಸುಗಂಧಭರಿತ ಶ್ರೀಗಂಧ, ಕರ್ಪೂರ ಲೇಪನ.
2)ಪ್ರಾಣಾಯಾಮಗಳಲ್ಲಿ ಶೀತಲೀ ಪ್ರಾಣಾಯಾಮವು ದೇಹವನ್ನು ತಂಪಾಗಿಸುವಲ್ಲಿ ಪರಿಣಾಮಕಾರಿ.
3)ಬಿಸಿಲಿನಲ್ಲಿ ಹೊರಗಡೆ ಓಡಾಡುವಾಗ ತೆಳುವಾದ ಹತ್ತಿಯ ಬಟ್ಟೆ ಧರಿಸುವುದು, ಕೊಡೆ ಹಾಗೂ ತಂಪು ಕನ್ನಡಕ ಬಳಸುವುದು.
4)ಉತ್ತಮ ನಿದ್ರೆ, ಮಧ್ಯಾಹ್ನ ಸ್ವಲ್ಪ ವಿಶ್ರಾಂತಿ ಆರೋಗ್ಯಕ್ಕೆ ಸಹಕಾರಿ.
5)ಬಾಯಾರಿಕೆ ಆದಾಗ ಅತಿಯಾದ ತಣ್ಣನೆಯ ನೀರು ಕುಡಿಯುವುದನ್ನು ತಪ್ಪಿಸಿ, ಮಡಕೆಯ ನೀರು ಸೇವಿಸುವುದು.
6)ಕಾಲು ಹಾಗೂ ಅಂಗಾಲಿಗೆ ಬೆಣ್ಣೆ, ಹರಳೆಣ್ಣೆ ಅಥವಾ ಕೊಬ್ಬರಿ ಎಣ್ಣೆ ಹಚ್ಚಿ ಮಸಾಜ್ ಮಾಡುವುದು.
7)ಬೆವರು ಸಾಲೆಯನ್ನು ತಡೆಗಟ್ಟಲು ಸ್ನಾನದ ನೀರಿಗೆ ಬೇವಿನ ಎಲೆ ಸೇರಿಸುವುದು, ಚಂದನ ಲೇಪನ ಮಾಡುವುದು.
ಸ್ನಾನ ಮಾಡುವುದರಿಂದ ಚರ್ಮದ ಕಾಯಿಲೆಯನ್ನು ತಡೆಗಟ್ಟಬಹುದು.
8)ನೆಲಸಿರಿಯುಕ್ತ ಸ್ಥಳದಲ್ಲಿ ವಿಶ್ರಾಂತಿ ಪಡೆಯುವುದು, ಹೆಚ್ಚು ನೀರು, ಹಣ್ಣಿನ ರಸ ಸೇವನೆ, ತಂಪು ಪಾನೀಯಗಳನ್ನು ಮನೆಯಲ್ಲೇ ತಯಾರಿಸಿ ಸೇವಿಸುವುದು. ಈ ಬಾರಿಯ ಬೇಸಿಗೆ ತುಂಬಾ ಬಿಸಿ, ಆರೋಗ್ಯ ಉಳಿಸಿಕೊಳ್ಳೋಣ.
?ಹೊಸಯುಗಾದಿ ಮುಖ್ಯವಾದ ಮಾತು ಅಂದ್ರೆ ಭೂಮಿಯಲ್ಲಿ ಜಡಿಯುವ ಬಿಸಿಲನ್ನು ತಡೆಯಲು ಮರಗಿಡಗಳನ್ನು ಬೆಳೆಸುವುದು ನಮ್ಮೆಲ್ಲರ ಜವಾಬ್ದಾರಿ. ಪ್ರತಿಯೊಬ್ಬರೂ ಒಂದು ಗಿಡ ನೆಟ್ಟು ಪೋಷಿಸೋಣ.
ಹಾನಿಕಾರಕ ವಿಷಕಾರಕ ಪದಾರ್ಥಗಳಿಂದ ಕಲುಷಿತಗೊಂಡ ಆಹಾರ ಸೇವನೆಯಿಂದ ಜಾಂಡಿಸ್, ಟೈಫಾಯಿಡ್ ನಂತಹ ರೋಗಗಳು ಬರುವ ಸಾಧ್ಯತೆ ಇದ್ದು ಶುದ್ಧ ಆಹಾರ ಮತ್ತು ಕುದಿಸಿ ಆರಿಸಿದ ನೀರನ್ನು ಸೇವಿಸುವುದು ಉತ್ತಮ.
ನಮ್ಮ ಆರೋಗ್ಯ ನಮ್ಮ ಕೈಯಲ್ಲಿ. ಆಯುರ್ವೇದದ ಸರಳ ಆಹಾರ ಮತ್ತು ಆಚರಣೆಗಳ ಮೂಲಕ ಬೇಸಿಗೆಯನ್ನು ಆರೋಗ್ಯಕರವಾಗಿ ಕಳೆಯೋಣ. "ಆಹಾರವೇ ಔಷಧ" ಎಂಬ ಆಯುರ್ವೇದದ ಮಾತನ್ನು ಪಾಲಿಸೋಣ.
ಮಾಹಿತಿ : ಡಾ.ಸುಮನಾ. ಟಿ.ಎಸ್
ಹಿರಿಯ ಆಯುಷ್ ವೈದ್ಯಾಧಿಕಾರಿ
ಸರ್ಕಾರಿ ಆಯುಷ್ ಆಸ್ಪತ್ರೆ, ಕೋನೇಹಳ್ಳಿ, ತಿಪಟೂರು ತಾ.
9740664396
